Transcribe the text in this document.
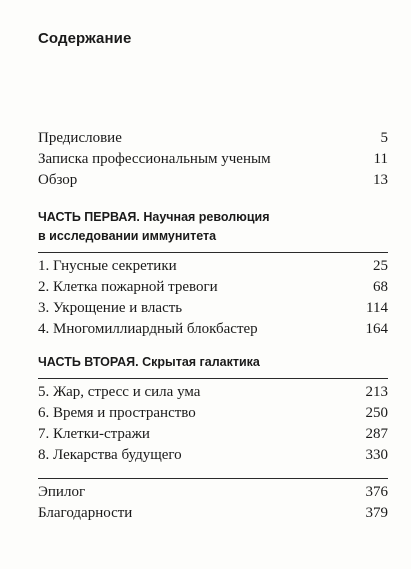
Содержание
Предисловие	5
Записка профессиональным ученым	11
Обзор	13
ЧАСТЬ ПЕРВАЯ. Научная революция
в исследовании иммунитета
1. Гнусные секретики	25
2. Клетка пожарной тревоги	68
3. Укрощение и власть	114
4. Многомиллиардный блокбастер	164
ЧАСТЬ ВТОРАЯ. Скрытая галактика
5. Жар, стресс и сила ума	213
6. Время и пространство	250
7. Клетки-стражи	287
8. Лекарства будущего	330
Эпилог	376
Благодарности	379
